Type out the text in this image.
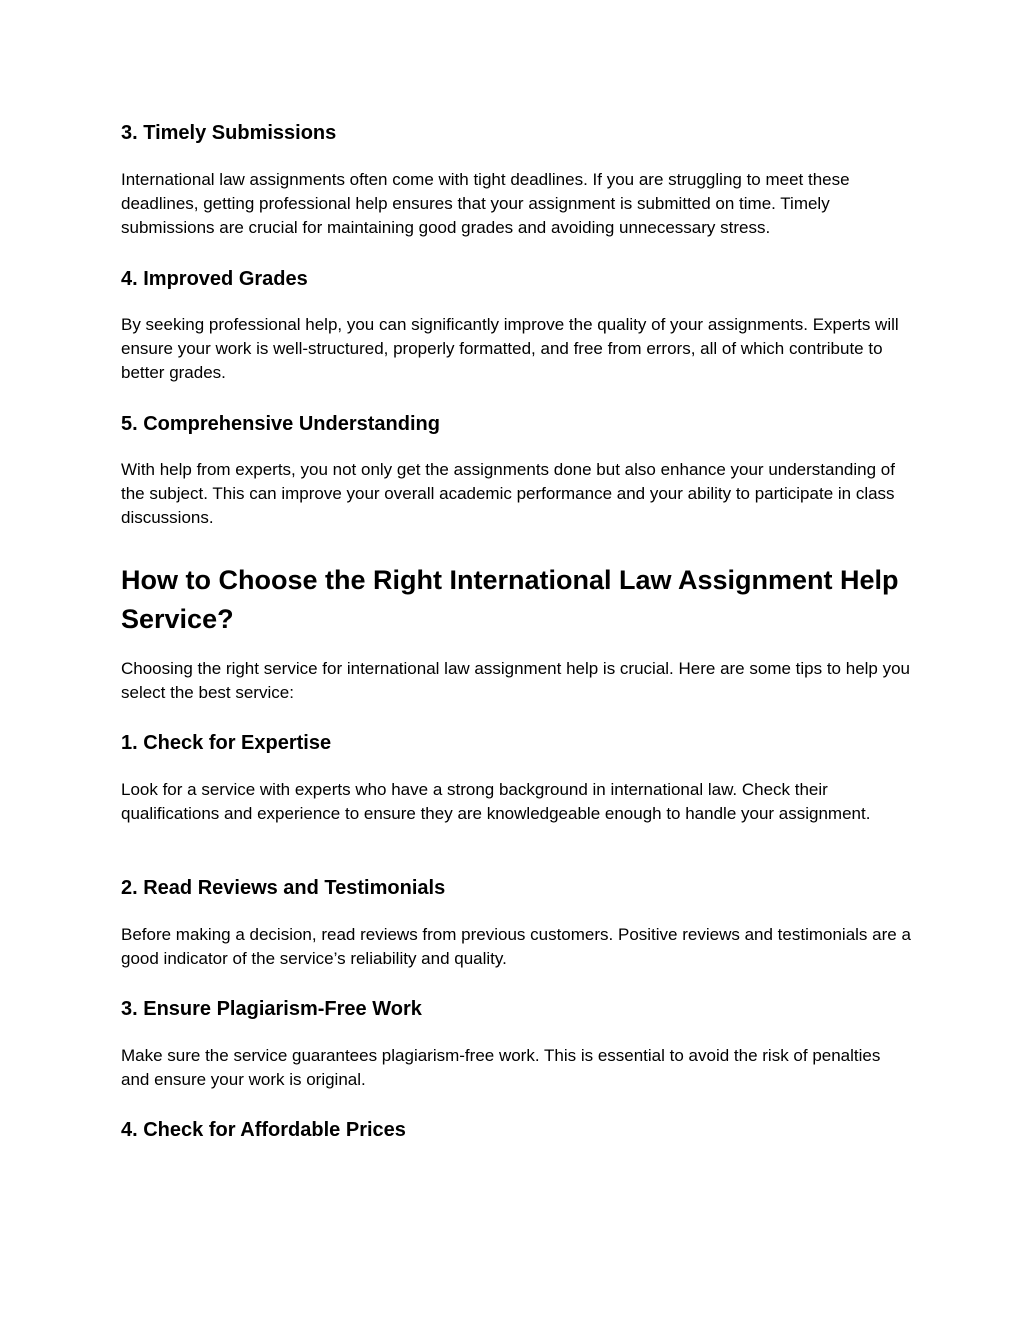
3. Timely Submissions

International law assignments often come with tight deadlines. If you are struggling to meet these deadlines, getting professional help ensures that your assignment is submitted on time. Timely submissions are crucial for maintaining good grades and avoiding unnecessary stress.

4. Improved Grades

By seeking professional help, you can significantly improve the quality of your assignments. Experts will ensure your work is well-structured, properly formatted, and free from errors, all of which contribute to better grades.

5. Comprehensive Understanding

With help from experts, you not only get the assignments done but also enhance your understanding of the subject. This can improve your overall academic performance and your ability to participate in class discussions.

How to Choose the Right International Law Assignment Help Service?

Choosing the right service for international law assignment help is crucial. Here are some tips to help you select the best service:

1. Check for Expertise

Look for a service with experts who have a strong background in international law. Check their qualifications and experience to ensure they are knowledgeable enough to handle your assignment.

2. Read Reviews and Testimonials

Before making a decision, read reviews from previous customers. Positive reviews and testimonials are a good indicator of the service’s reliability and quality.

3. Ensure Plagiarism-Free Work

Make sure the service guarantees plagiarism-free work. This is essential to avoid the risk of penalties and ensure your work is original.

4. Check for Affordable Prices
